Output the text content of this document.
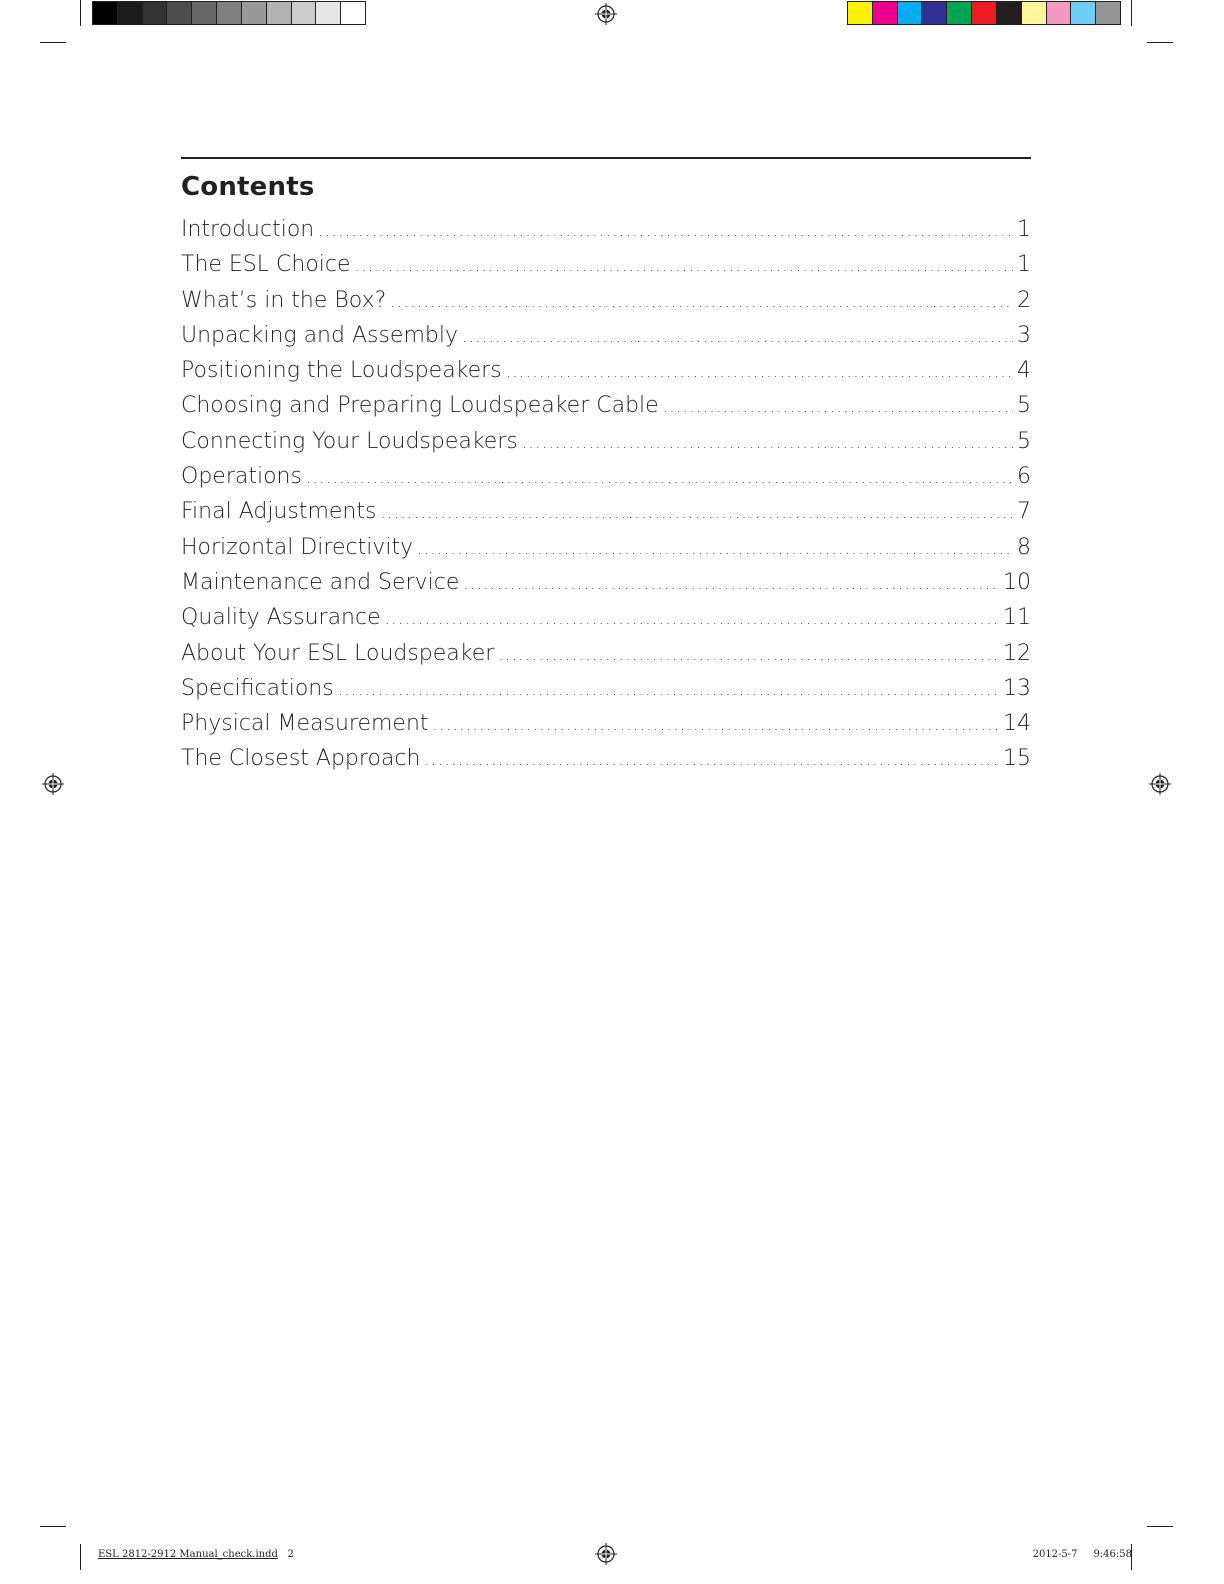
Contents
Introduction .....	1
The ESL Choice .....	1
What’s in the Box? .....	2
Unpacking and Assembly .....	3
Positioning the Loudspeakers .....	4
Choosing and Preparing Loudspeaker Cable .....	5
Connecting Your Loudspeakers .....	5
Operations .....	6
Final Adjustments .....	7
Horizontal Directivity .....	8
Maintenance and Service .....	10
Quality Assurance .....	11
About Your ESL Loudspeaker .....	12
Specifications .....	13
Physical Measurement .....	14
The Closest Approach .....	15
ESL 2812-2912 Manual_check.indd 2	2012-5-7 9:46:58
